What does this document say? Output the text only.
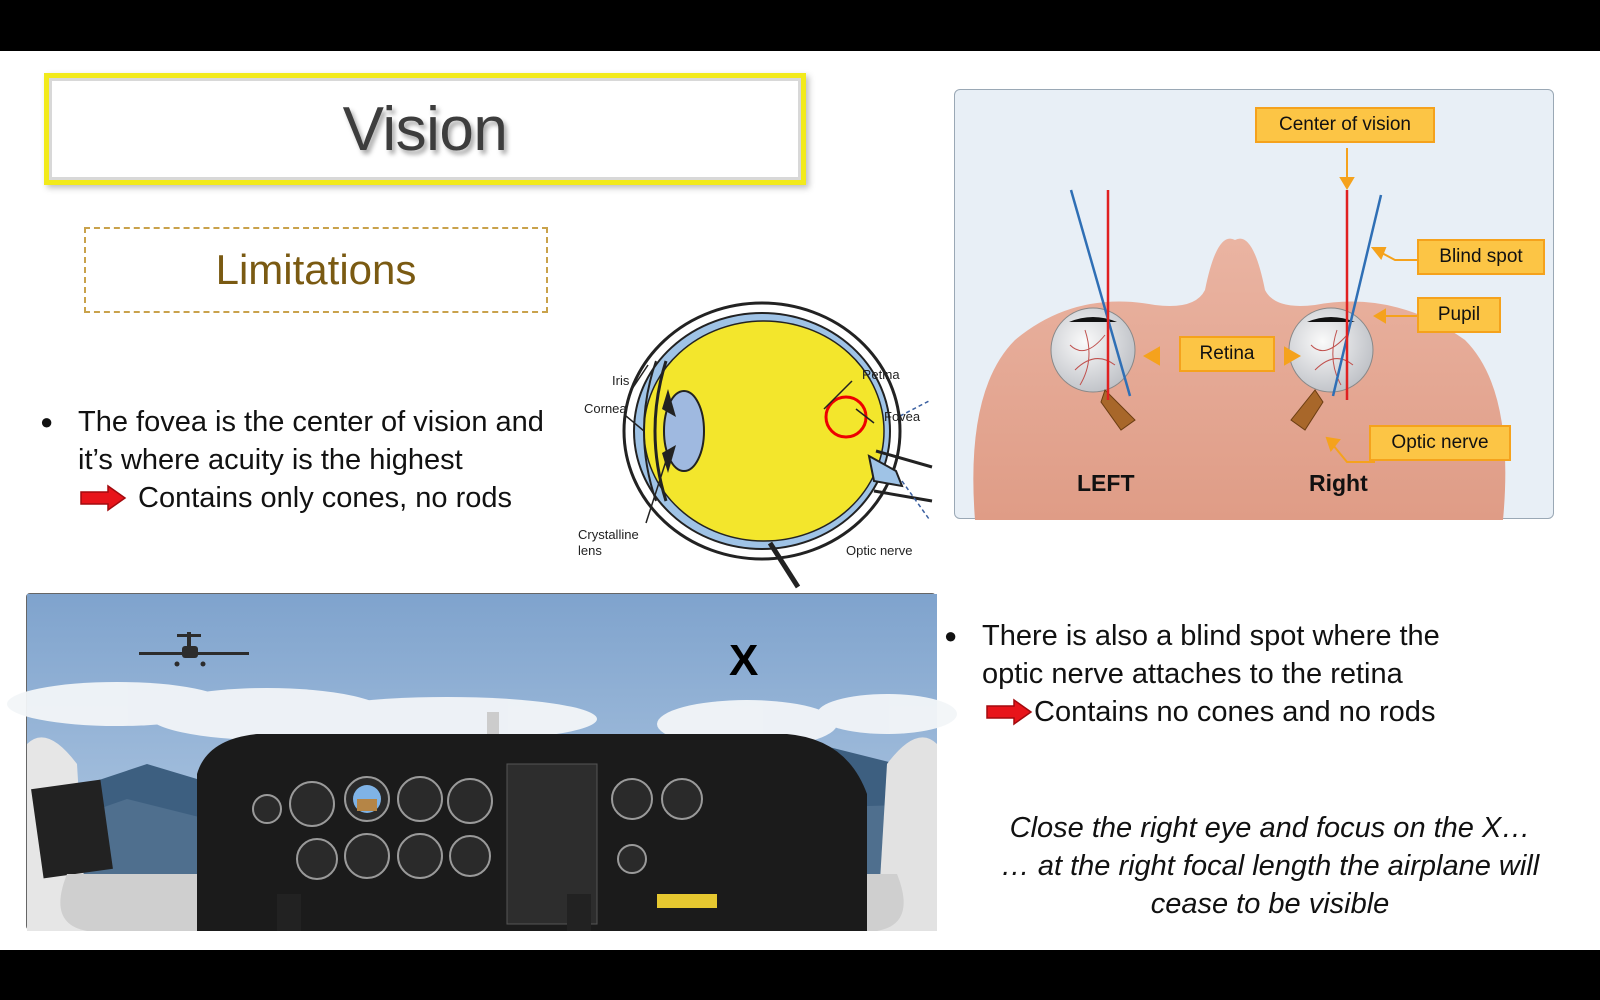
Vision
Limitations
● The fovea is the center of vision and
it’s where acuity is the highest
Contains only cones, no rods
Iris
Cornea
Crystalline
lens
Retina
Fovea
Optic nerve
Center of vision
Blind spot
Pupil
Retina
Optic nerve
LEFT	Right
X
● There is also a blind spot where the
optic nerve attaches to the retina
Contains no cones and no rods
Close the right eye and focus on the X…
… at the right focal length the airplane will
cease to be visible
